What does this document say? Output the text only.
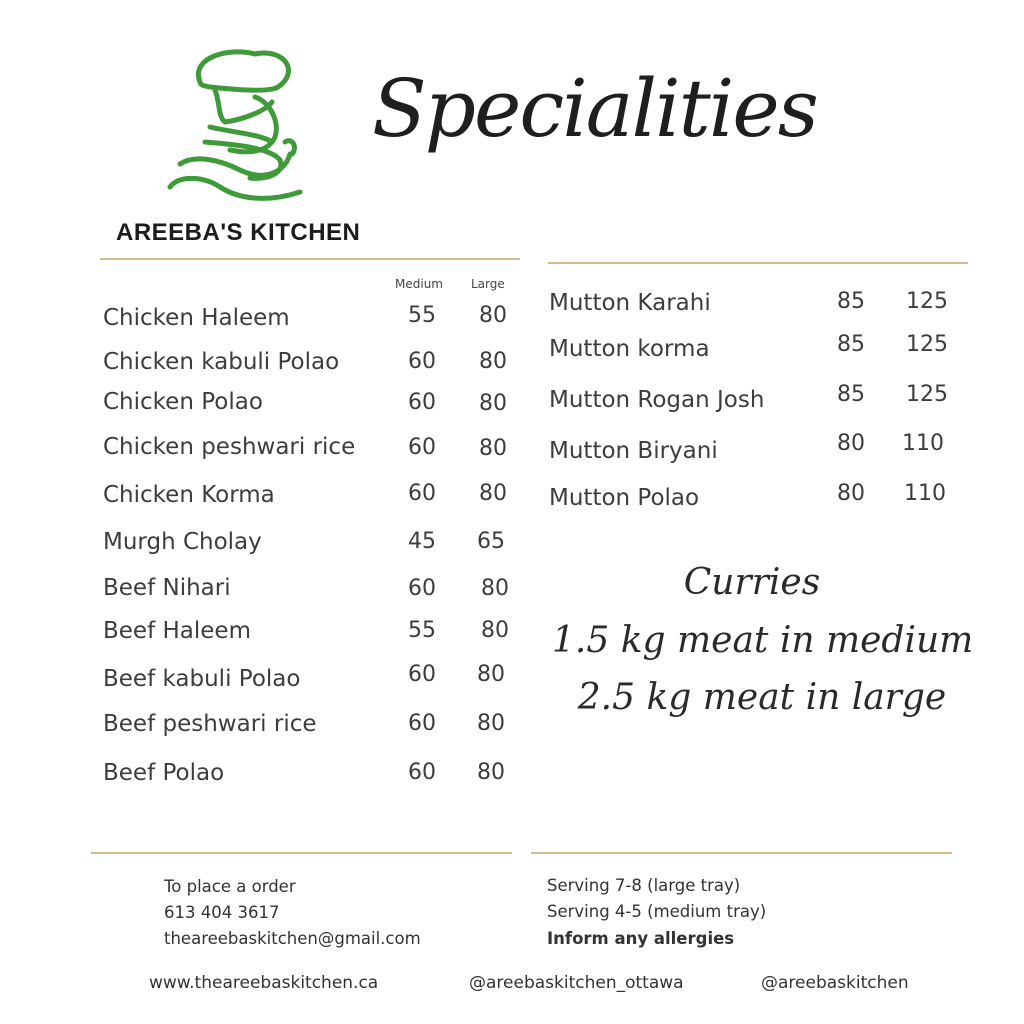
AREEBA'S KITCHEN
Specialities
Medium Large
Chicken Haleem	55	80
Chicken kabuli Polao	60	80
Chicken Polao	60	80
Chicken peshwari rice	60	80
Chicken Korma	60	80
Murgh Cholay	45	65
Beef Nihari	60	80
Beef Haleem	55	80
Beef kabuli Polao	60	80
Beef peshwari rice	60	80
Beef Polao	60	80
Mutton Karahi	85	125
Mutton korma	85	125
Mutton Rogan Josh	85	125
Mutton Biryani	80	110
Mutton Polao	80	110
Curries
1.5 kg meat in medium
2.5 kg meat in large
To place a order
613 404 3617
theareebaskitchen@gmail.com
Serving 7-8 (large tray)
Serving 4-5 (medium tray)
Inform any allergies
www.theareebaskitchen.ca	@areebaskitchen_ottawa	@areebaskitchen
